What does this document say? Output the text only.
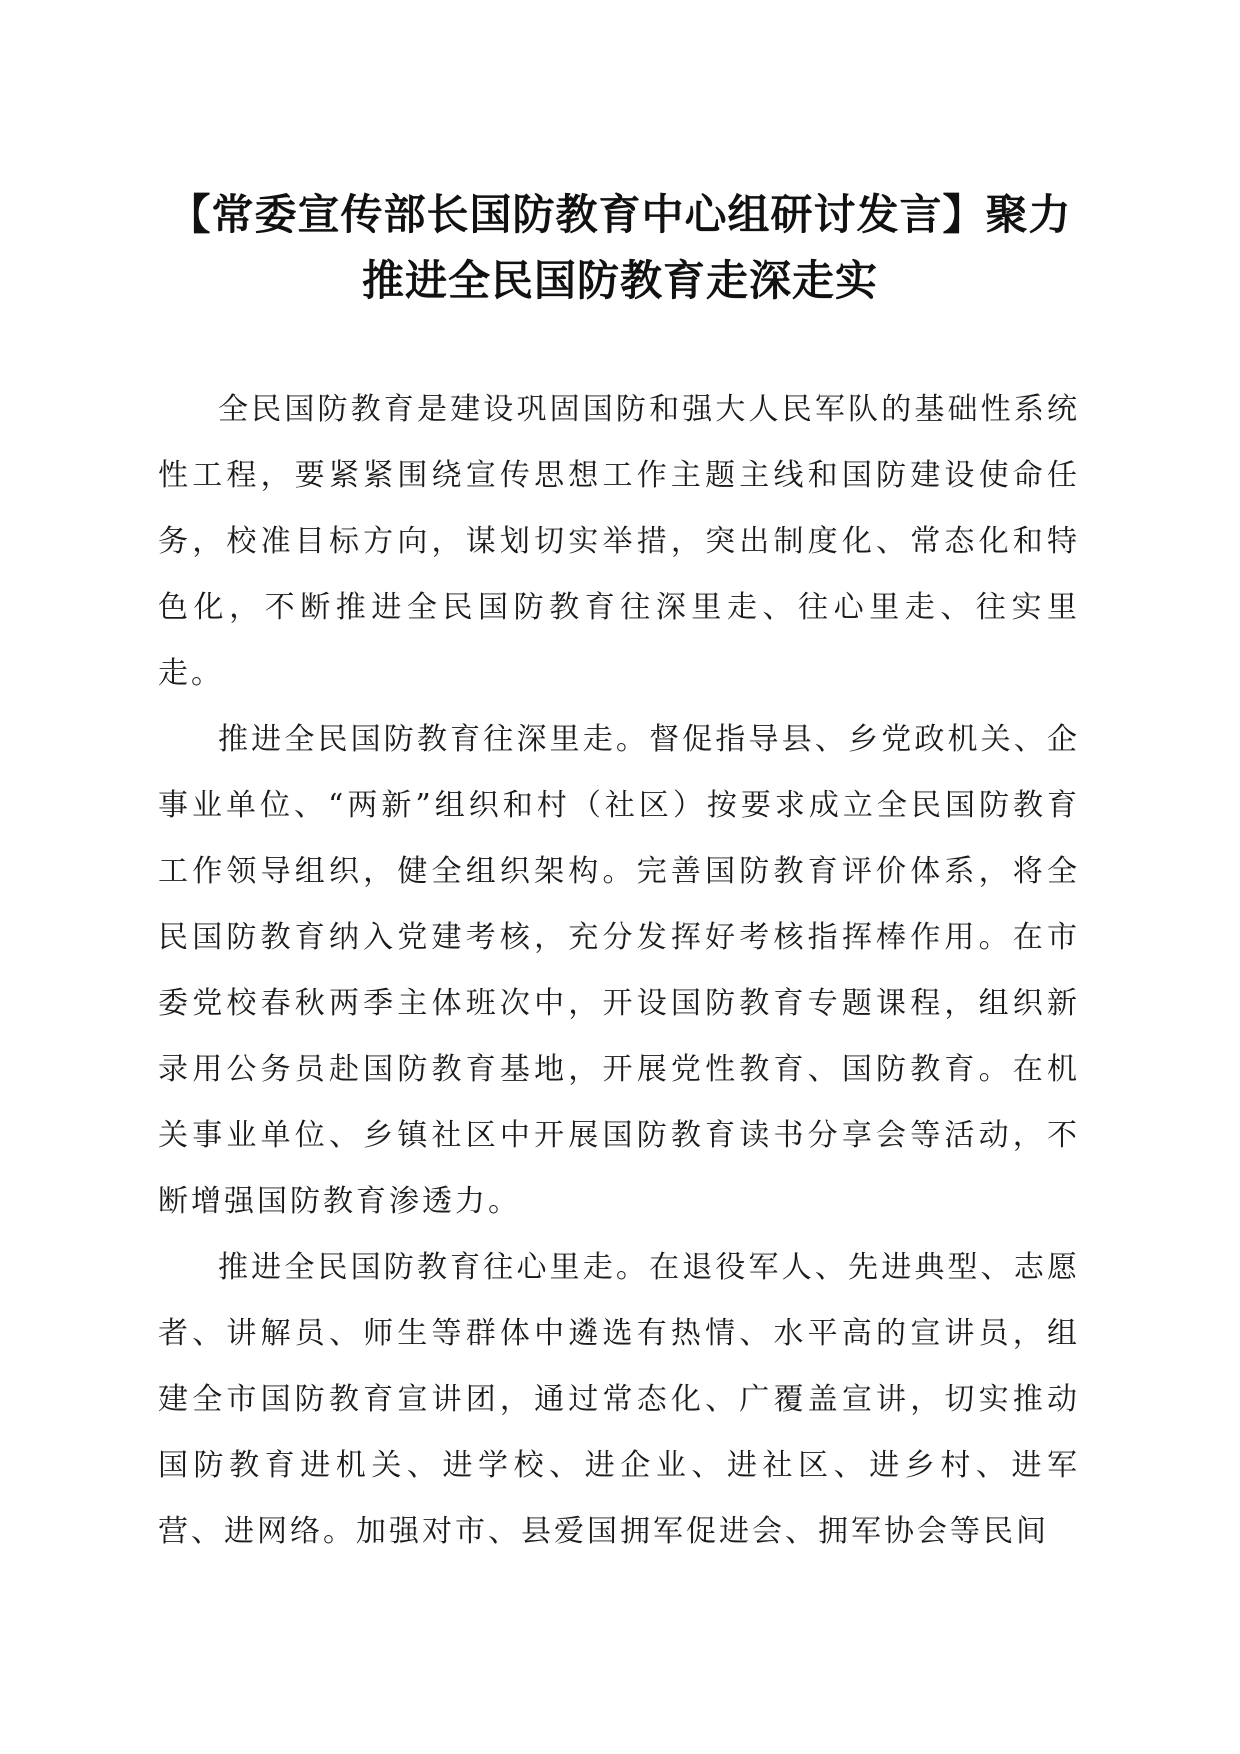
【常委宣传部长国防教育中心组研讨发言】聚力推进全民国防教育走深走实

全民国防教育是建设巩固国防和强大人民军队的基础性系统性工程，要紧紧围绕宣传思想工作主题主线和国防建设使命任务，校准目标方向，谋划切实举措，突出制度化、常态化和特色化，不断推进全民国防教育往深里走、往心里走、往实里走。

推进全民国防教育往深里走。督促指导县、乡党政机关、企事业单位、“两新”组织和村（社区）按要求成立全民国防教育工作领导组织，健全组织架构。完善国防教育评价体系，将全民国防教育纳入党建考核，充分发挥好考核指挥棒作用。在市委党校春秋两季主体班次中，开设国防教育专题课程，组织新录用公务员赴国防教育基地，开展党性教育、国防教育。在机关事业单位、乡镇社区中开展国防教育读书分享会等活动，不断增强国防教育渗透力。

推进全民国防教育往心里走。在退役军人、先进典型、志愿者、讲解员、师生等群体中遴选有热情、水平高的宣讲员，组建全市国防教育宣讲团，通过常态化、广覆盖宣讲，切实推动国防教育进机关、进学校、进企业、进社区、进乡村、进军营、进网络。加强对市、县爱国拥军促进会、拥军协会等民间
